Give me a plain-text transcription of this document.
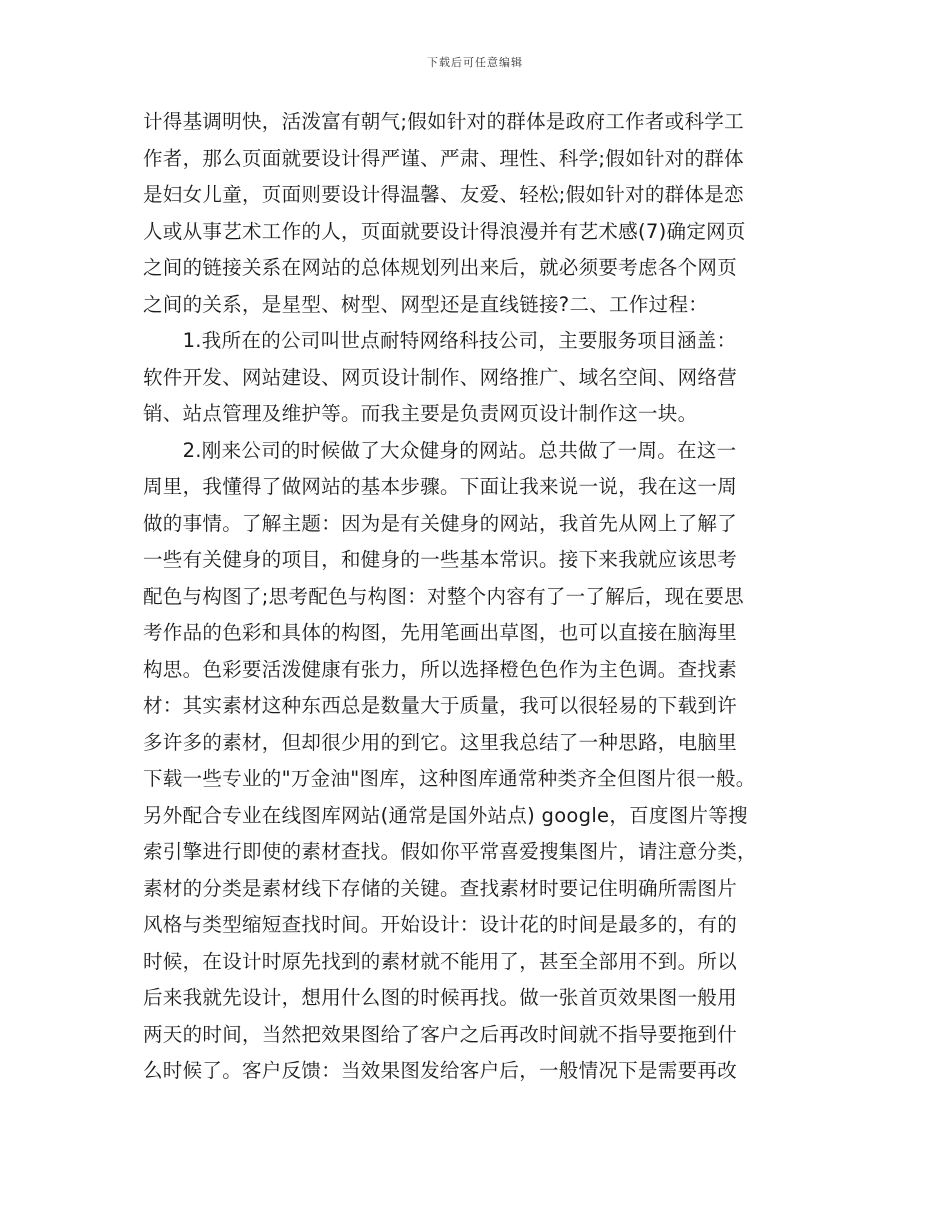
下载后可任意编辑
计得基调明快，活泼富有朝气;假如针对的群体是政府工作者或科学工
作者，那么页面就要设计得严谨、严肃、理性、科学;假如针对的群体
是妇女儿童，页面则要设计得温馨、友爱、轻松;假如针对的群体是恋
人或从事艺术工作的人，页面就要设计得浪漫并有艺术感(7)确定网页
之间的链接关系在网站的总体规划列出来后，就必须要考虑各个网页
之间的关系，是星型、树型、网型还是直线链接?二、工作过程：
　　1.我所在的公司叫世点耐特网络科技公司，主要服务项目涵盖：
软件开发、网站建设、网页设计制作、网络推广、域名空间、网络营
销、站点管理及维护等。而我主要是负责网页设计制作这一块。
　　2.刚来公司的时候做了大众健身的网站。总共做了一周。在这一
周里，我懂得了做网站的基本步骤。下面让我来说一说，我在这一周
做的事情。了解主题：因为是有关健身的网站，我首先从网上了解了
一些有关健身的项目，和健身的一些基本常识。接下来我就应该思考
配色与构图了;思考配色与构图：对整个内容有了一了解后，现在要思
考作品的色彩和具体的构图，先用笔画出草图，也可以直接在脑海里
构思。色彩要活泼健康有张力，所以选择橙色色作为主色调。查找素
材：其实素材这种东西总是数量大于质量，我可以很轻易的下载到许
多许多的素材，但却很少用的到它。这里我总结了一种思路，电脑里
下载一些专业的"万金油"图库，这种图库通常种类齐全但图片很一般。
另外配合专业在线图库网站(通常是国外站点) google，百度图片等搜
索引擎进行即使的素材查找。假如你平常喜爱搜集图片，请注意分类，
素材的分类是素材线下存储的关键。查找素材时要记住明确所需图片
风格与类型缩短查找时间。开始设计：设计花的时间是最多的，有的
时候，在设计时原先找到的素材就不能用了，甚至全部用不到。所以
后来我就先设计，想用什么图的时候再找。做一张首页效果图一般用
两天的时间，当然把效果图给了客户之后再改时间就不指导要拖到什
么时候了。客户反馈：当效果图发给客户后，一般情况下是需要再改
